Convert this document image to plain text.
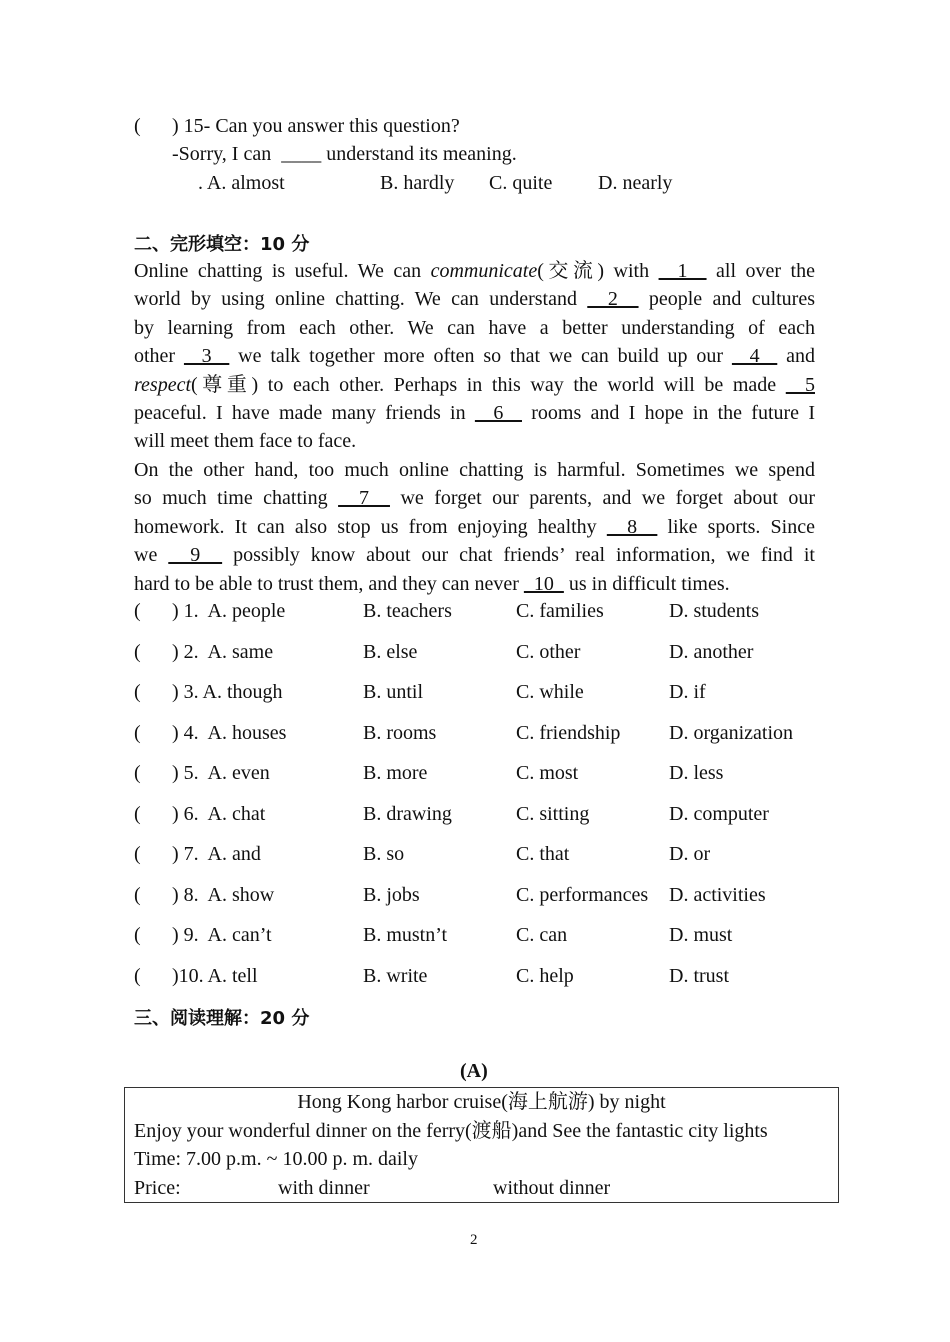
( ) 15- Can you answer this question?
-Sorry, I can  ____ understand its meaning.
. A. almost	B. hardly C. quite D. nearly
二、完形填空：10 分
Online chatting is useful. We can communicate(交流) with   1   all over the
world by using online chatting. We can understand   2   people and cultures
by learning from each other. We can have a better understanding of each
other   3   we talk together more often so that we can build up our   4   and
respect(尊重) to each other. Perhaps in this way the world will be made   5
peaceful. I have made many friends in   6   rooms and I hope in the future I
will meet them face to face.
On the other hand, too much online chatting is harmful. Sometimes we spend
so much time chatting   7   we forget our parents, and we forget about our
homework. It can also stop us from enjoying healthy   8   like sports. Since
we   9   possibly know about our chat friends’ real information, we find it
hard to be able to trust them, and they can never   10   us in difficult times.
( ) 1.  A. people	B. teachers	C. families	D. students
( ) 2.  A. same	B. else	C. other	D. another
( ) 3. A. though	B. until	C. while	D. if
( ) 4.  A. houses	B. rooms	C. friendship D. organization
( ) 5.  A. even	B. more	C. most	D. less
( ) 6.  A. chat	B. drawing	C. sitting	D. computer
( ) 7.  A. and	B. so	C. that	D. or
( ) 8.  A. show	B. jobs	C. performances D. activities
( ) 9.  A. can’t	B. mustn’t	C. can	D. must
( )10. A. tell	B. write	C. help	D. trust
三、阅读理解：20 分
(A)
Hong Kong harbor cruise(海上航游) by night
Enjoy your wonderful dinner on the ferry(渡船)and See the fantastic city lights
Time: 7.00 p.m. ~ 10.00 p. m. daily
Price:	with dinner	without dinner
2
